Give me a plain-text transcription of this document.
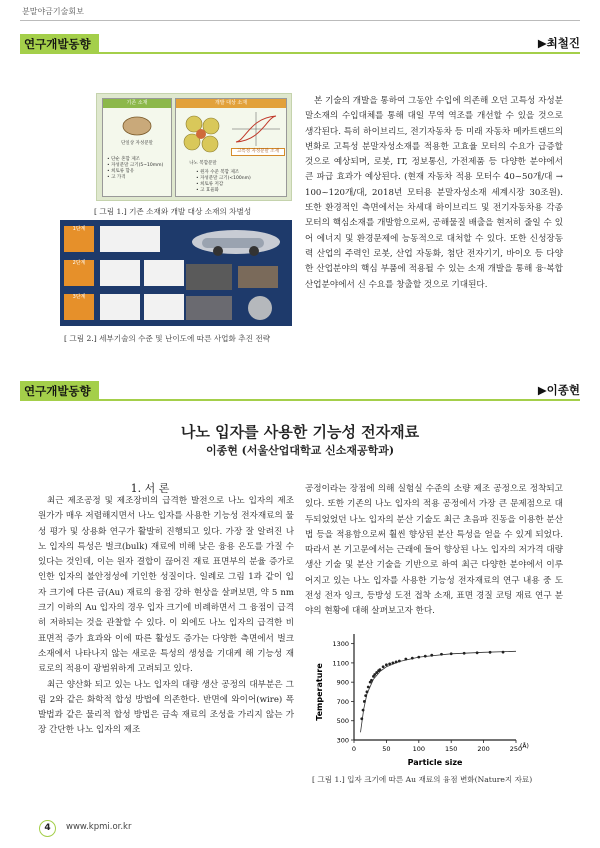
분말야금기술회보
연구개발동향	▶최철진
기존 소재
단일상 자성분말
• 단순 혼합 제조
• 자성분말 크기(5~10mm)
• 희토류 함유
• 고 가격
개발 대상 소재
나노 복합분말
고특성 자성분말 소재
• 원자 수준 복합 제조
• 자성분말 크기(<100nm)
• 희토류 저감
• 고 효율화
[ 그림 1.] 기존 소재와 개발 대상 소재의 차별성
1단계
2단계
3단계
[ 그림 2.] 세부기술의 수준 및 난이도에 따른 사업화 추진 전략

본 기술의 개발을 통하여 그동안 수입에 의존해 오던 고특성 자성분말소재의 수입대체를 통해 대일 무역 역조를 개선할 수 있을 것으로 생각된다. 특히 하이브리드, 전기자동차 등 미래 자동차 메카트랜드의 변화로 고특성 분말자성소재를 적용한 고효율 모터의 수요가 급증할 것으로 예상되며, 로봇, IT, 정보통신, 가전제품 등 다양한 분야에서 큰 파급 효과가 예상된다. (현재 자동차 적용 모터수 40~50개/대 → 100~120개/대, 2018년 모터용 분말자성소재 세계시장 30조원). 또한 환경적인 측면에서는 차세대 하이브리드 및 전기자동차용 각종 모터의 핵심소재를 개발함으로써, 공해물질 배출을 현저히 줄일 수 있어 에너지 및 환경문제에 능동적으로 대처할 수 있다. 또한 신성장동력 산업의 주력인 로봇, 산업 자동화, 첨단 전자기기, 바이오 등 다양한 산업분야의 핵심 부품에 적용될 수 있는 소재 개발을 통해 융·복합 산업분야에서 신 수요를 창출할 것으로 기대된다.

연구개발동향	▶이종현
나노 입자를 사용한 기능성 전자재료
이종현 (서울산업대학교 신소재공학과)
1. 서 론

최근 제조공정 및 제조장비의 급격한 발전으로 나노 입자의 제조 원가가 매우 저렴해지면서 나노 입자를 사용한 기능성 전자재료의 물성 평가 및 상용화 연구가 활발히 진행되고 있다. 가장 잘 알려진 나노 입자의 특성은 벌크(bulk) 재료에 비해 낮은 융용 온도를 가질 수 있다는 것인데, 이는 원자 결합이 끊어진 재료 표면부의 분율 증가로 인한 입자의 불안정성에 기인한 성질이다. 일례로 그림 1과 같이 입자 크기에 다른 금(Au) 재료의 융점 강하 현상을 살펴보면, 약 5 nm 크기 이하의 Au 입자의 경우 입자 크기에 비례하면서 그 융점이 급격히 저하되는 것을 관찰할 수 있다. 이 외에도 나노 입자의 급격한 비표면적 증가 효과와 이에 따른 활성도 증가는 다양한 측면에서 벌크 소재에서 나타나지 않는 새로운 특성의 생성을 기대케 해 기능성 재료로의 적용이 광범위하게 고려되고 있다.

최근 양산화 되고 있는 나노 입자의 대량 생산 공정의 대부분은 그림 2와 같은 화학적 합성 방법에 의존한다. 반면에 와이어(wire) 폭발법과 같은 물리적 합성 방법은 금속 재료의 조성을 가리지 않는 가장 간단한 나노 입자의 제조

공정이라는 장점에 의해 실험실 수준의 소량 제조 공정으로 정착되고 있다. 또한 기존의 나노 입자의 적용 공정에서 가장 큰 문제점으로 대두되었었던 나노 입자의 분산 기술도 최근 초음파 진동을 이용한 분산법 등을 적용함으로써 훨씬 향상된 분산 특성을 얻을 수 있게 되었다. 따라서 본 기고문에서는 근래에 들어 향상된 나노 입자의 저가격 대량생산 기술 및 분산 기술을 기반으로 하여 최근 다양한 분야에서 이루어지고 있는 나노 입자를 사용한 기능성 전자재료의 연구 내용 중 도전성 전자 잉크, 등방성 도전 접착 소재, 표면 경질 코팅 재료 연구 분야의 현황에 대해 살펴보고자 한다.

300
500
700
900
1100
1300
0	50	100	150	200	250
Temperature
Particle size
(Å)
[ 그림 1.] 입자 크기에 따른 Au 재료의 융점 변화(Nature지 자료)
4	www.kpmi.or.kr
